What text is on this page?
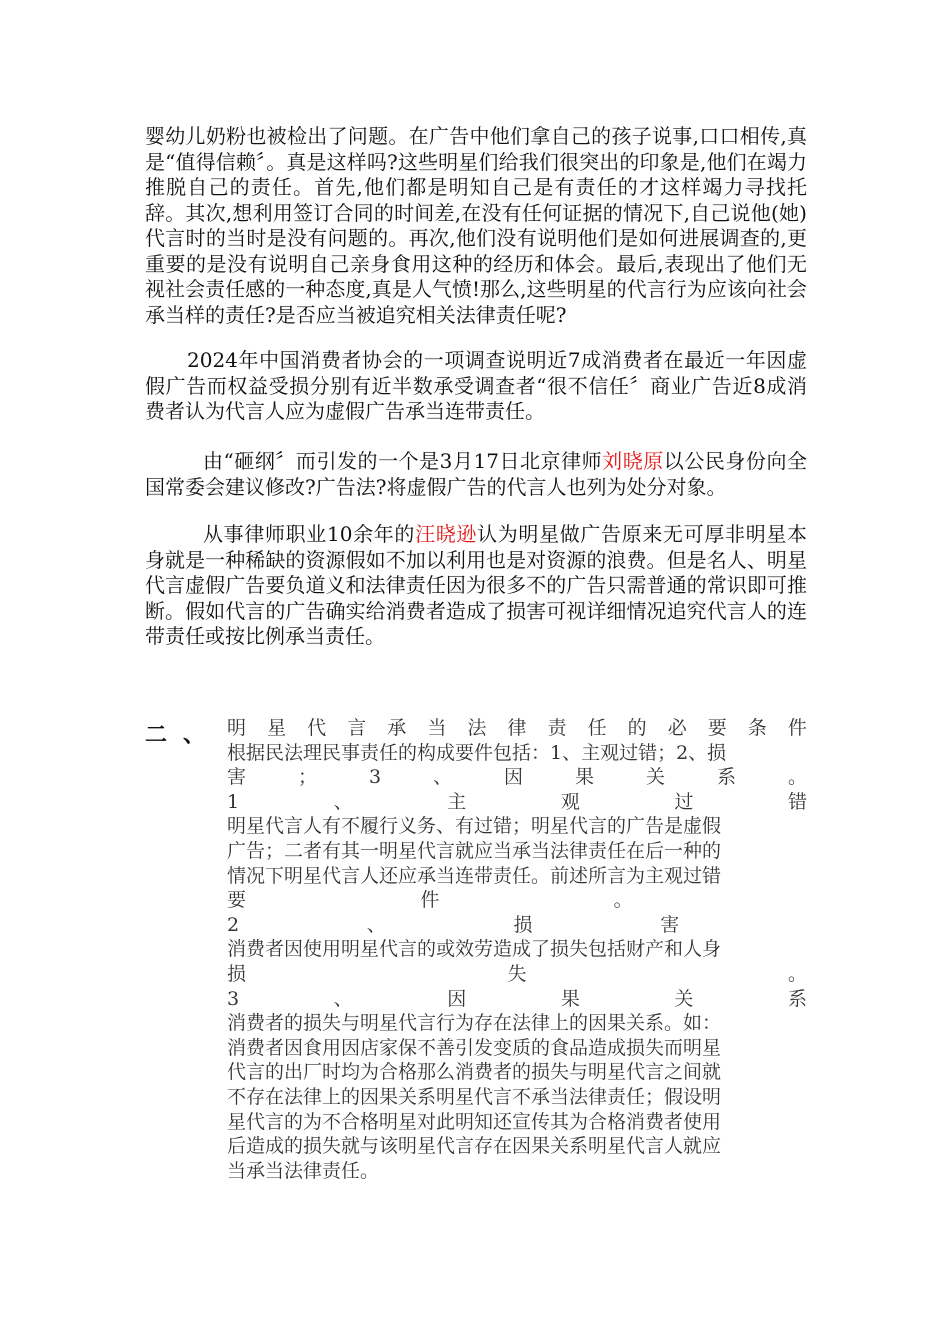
婴幼儿奶粉也被检出了问题。在广告中他们拿自己的孩子说事,口口相传,真是“值得信赖〞。真是这样吗?这些明星们给我们很突出的印象是,他们在竭力推脱自己的责任。首先,他们都是明知自己是有责任的才这样竭力寻找托辞。其次,想利用签订合同的时间差,在没有任何证据的情况下,自己说他(她)代言时的当时是没有问题的。再次,他们没有说明他们是如何进展调查的,更重要的是没有说明自己亲身食用这种的经历和体会。最后,表现出了他们无视社会责任感的一种态度,真是人气愤!那么,这些明星的代言行为应该向社会承当样的责任?是否应当被追究相关法律责任呢?

2024年中国消费者协会的一项调查说明近7成消费者在最近一年因虚假广告而权益受损分别有近半数承受调查者“很不信任〞商业广告近8成消费者认为代言人应为虚假广告承当连带责任。

由“砸纲〞而引发的一个是3月17日北京律师刘晓原以公民身份向全国常委会建议修改?广告法?将虚假广告的代言人也列为处分对象。

从事律师职业10余年的汪晓逊认为明星做广告原来无可厚非明星本身就是一种稀缺的资源假如不加以利用也是对资源的浪费。但是名人、明星代言虚假广告要负道义和法律责任因为很多不的广告只需普通的常识即可推断。假如代言的广告确实给消费者造成了损害可视详细情况追究代言人的连带责任或按比例承当责任。

二、 明 星 代 言 承 当 法 律 责 任 的 必 要 条 件
根据民法理民事责任的构成要件包括：1、主观过错；2、损
害	；	3	、	因	果	关	系	。
1	、	主	观	过	错
明星代言人有不履行义务、有过错；明星代言的广告是虚假
广告；二者有其一明星代言就应当承当法律责任在后一种的
情况下明星代言人还应承当连带责任。前述所言为主观过错
要	件	。
2	、	损	害
消费者因使用明星代言的或效劳造成了损失包括财产和人身
损	失	。
3	、	因	果	关	系
消费者的损失与明星代言行为存在法律上的因果关系。如：
消费者因食用因店家保不善引发变质的食品造成损失而明星
代言的出厂时均为合格那么消费者的损失与明星代言之间就
不存在法律上的因果关系明星代言不承当法律责任；假设明
星代言的为不合格明星对此明知还宣传其为合格消费者使用
后造成的损失就与该明星代言存在因果关系明星代言人就应
当承当法律责任。
